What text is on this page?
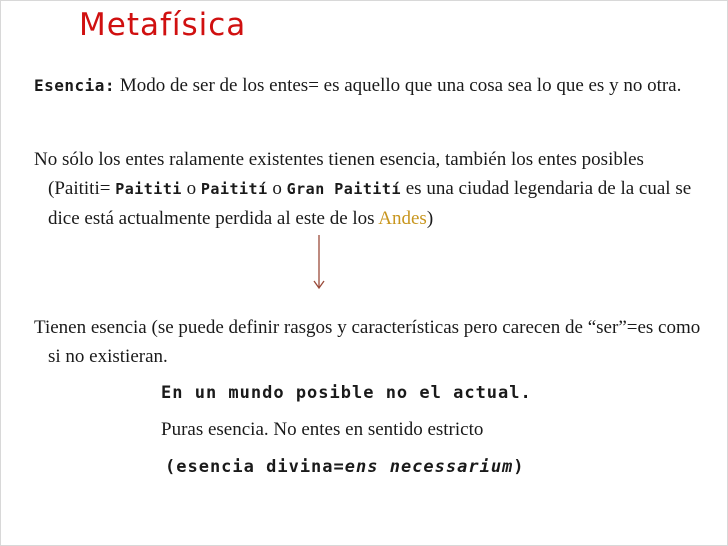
Metafísica

Esencia: Modo de ser de los entes= es aquello que una cosa sea lo que es y no otra.

No sólo los entes ralamente existentes tienen esencia, también los entes posibles (Paititi= Paititi o Paitití o Gran Paitití es una ciudad legendaria de la cual se dice está actualmente perdida al este de los Andes)

Tienen esencia (se puede definir rasgos y características pero carecen de “ser”=es como si no existieran.

En un mundo posible no el actual.
Puras esencia. No entes en sentido estricto
(esencia divina=ens necessarium)
